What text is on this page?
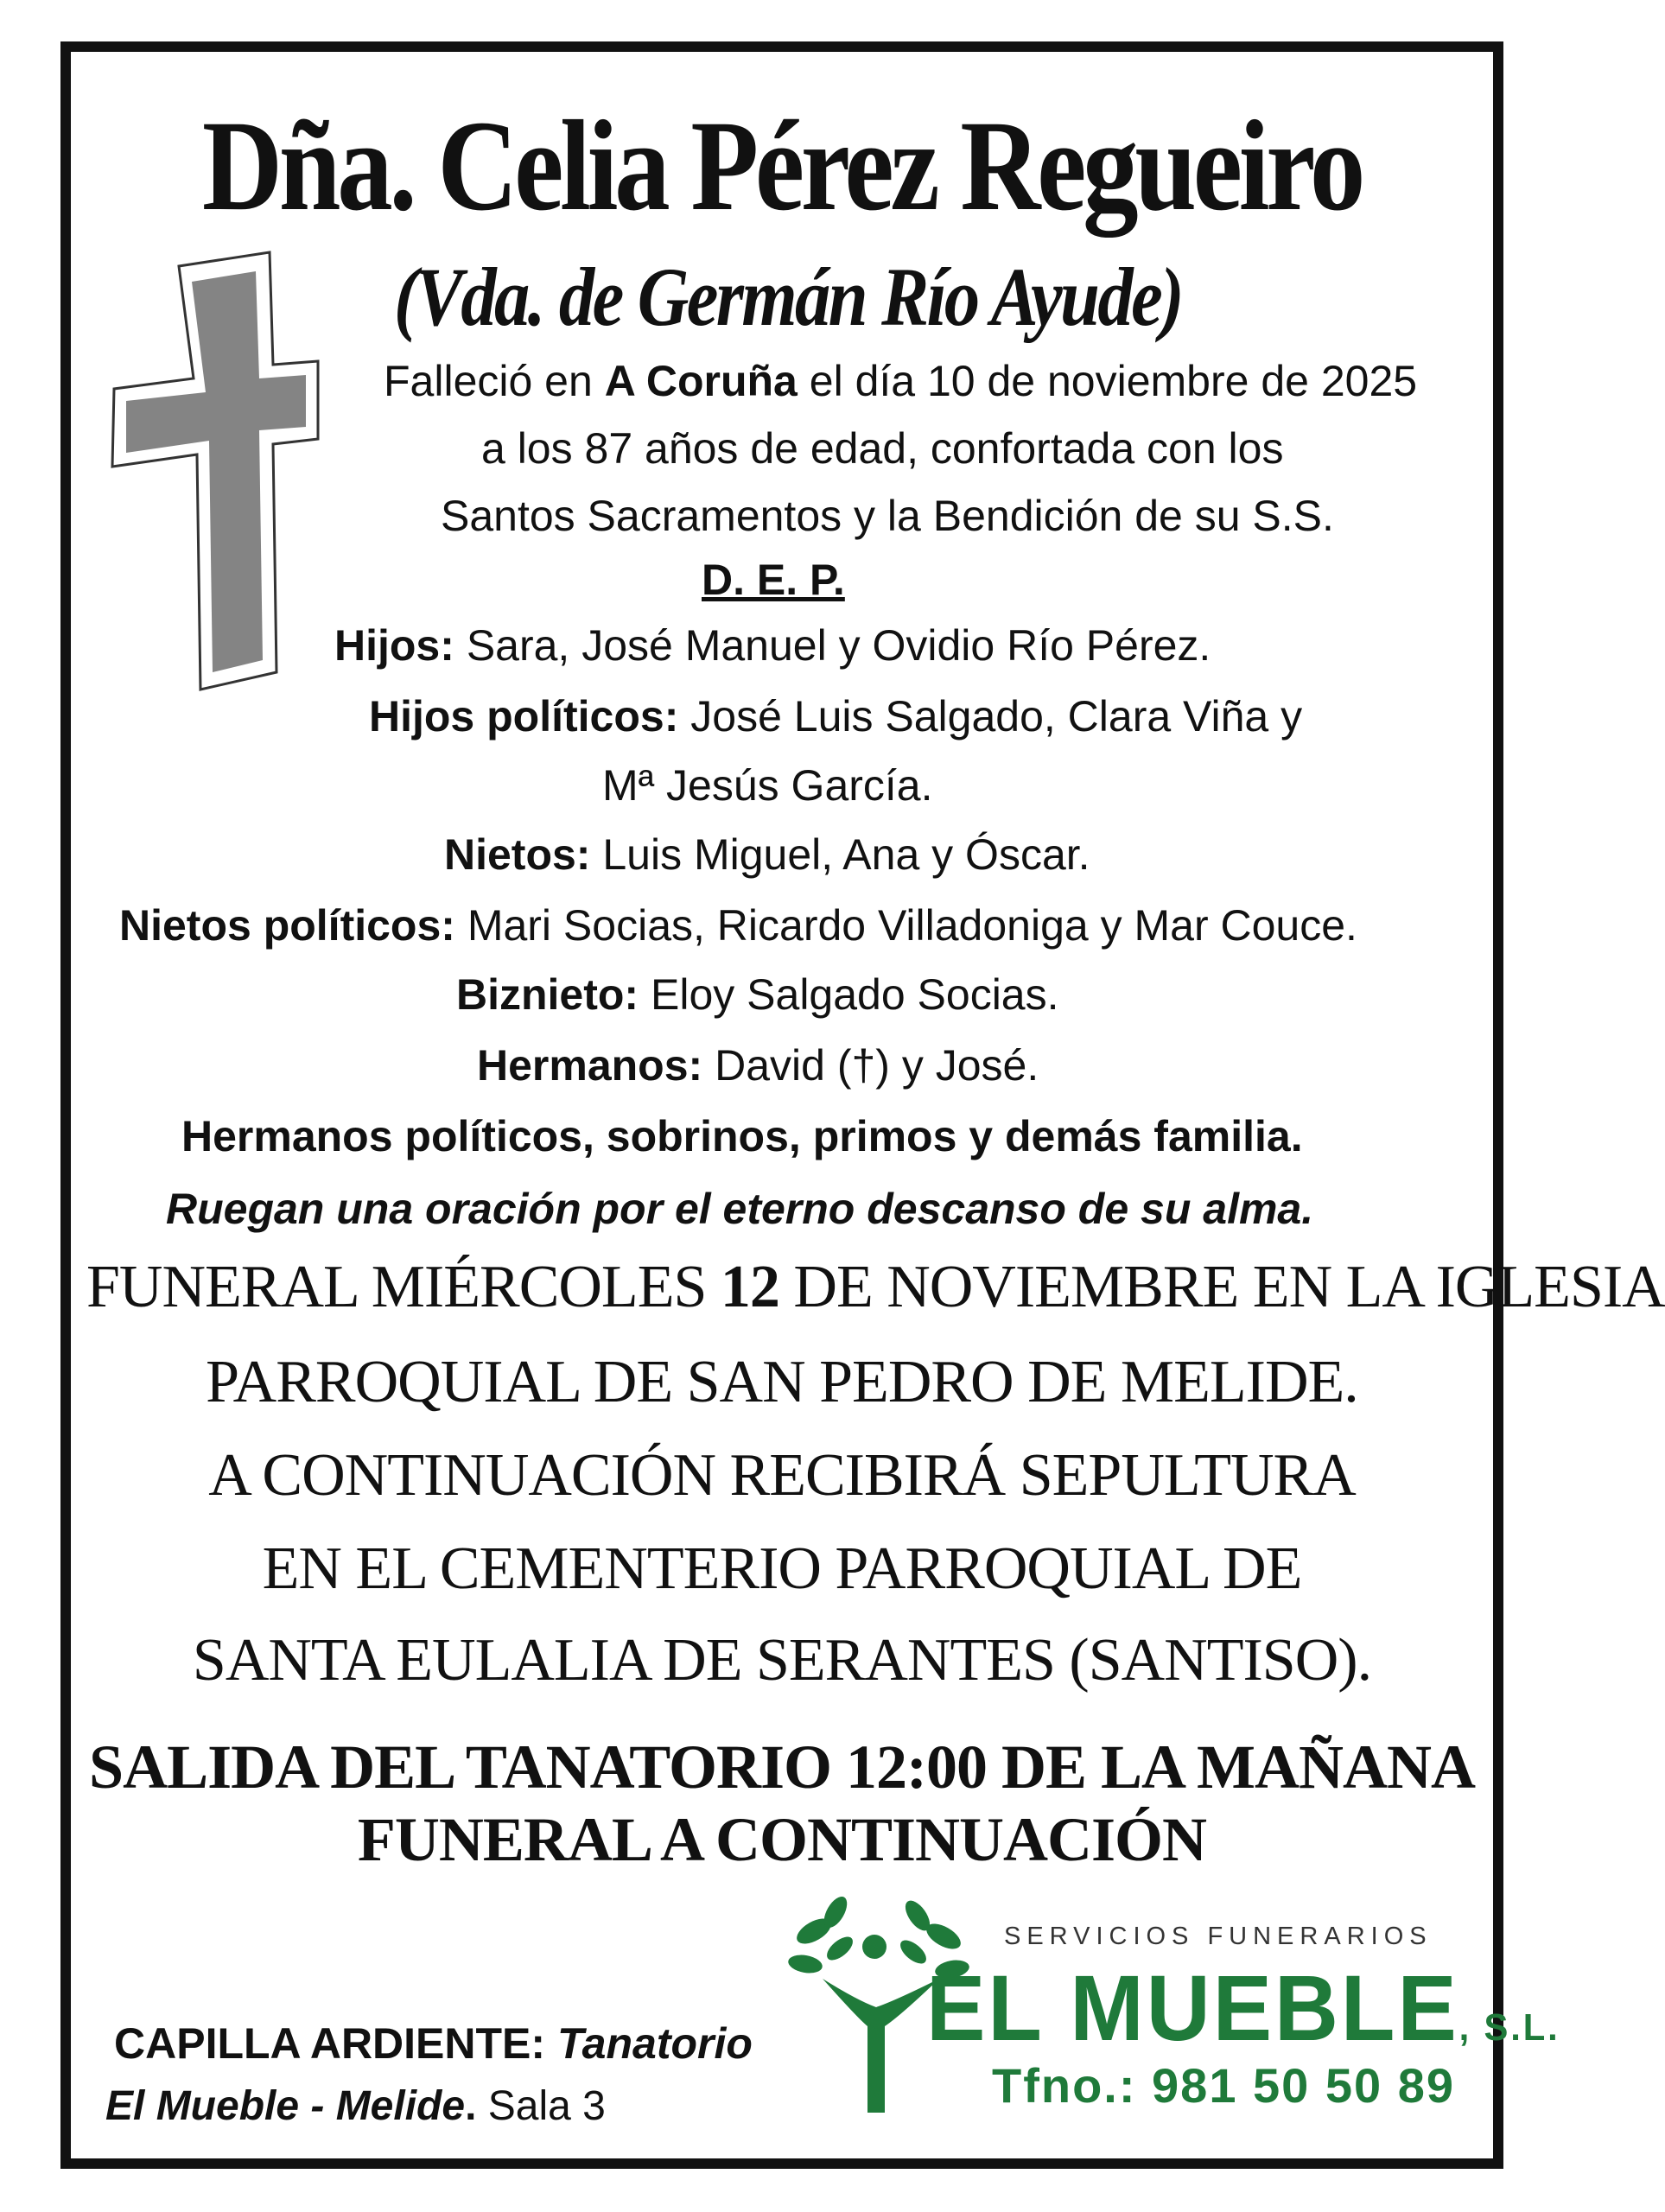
Dña. Celia Pérez Regueiro
(Vda. de Germán Río Ayude)
Falleció en A Coruña el día 10 de noviembre de 2025
a los 87 años de edad, confortada con los
Santos Sacramentos y la Bendición de su S.S.
D. E. P.
Hijos: Sara, José Manuel y Ovidio Río Pérez.
Hijos políticos: José Luis Salgado, Clara Viña y
Mª Jesús García.
Nietos: Luis Miguel, Ana y Óscar.
Nietos políticos: Mari Socias, Ricardo Villadoniga y Mar Couce.
Biznieto: Eloy Salgado Socias.
Hermanos: David (†) y José.
Hermanos políticos, sobrinos, primos y demás familia.
Ruegan una oración por el eterno descanso de su alma.
FUNERAL MIÉRCOLES 12 DE NOVIEMBRE EN LA IGLESIA
PARROQUIAL DE SAN PEDRO DE MELIDE.
A CONTINUACIÓN RECIBIRÁ SEPULTURA
EN EL CEMENTERIO PARROQUIAL DE
SANTA EULALIA DE SERANTES (SANTISO).
SALIDA DEL TANATORIO 12:00 DE LA MAÑANA
FUNERAL A CONTINUACIÓN
CAPILLA ARDIENTE: Tanatorio
El Mueble - Melide. Sala 3
SERVICIOS FUNERARIOS
EL MUEBLE, S.L.
Tfno.: 981 50 50 89
